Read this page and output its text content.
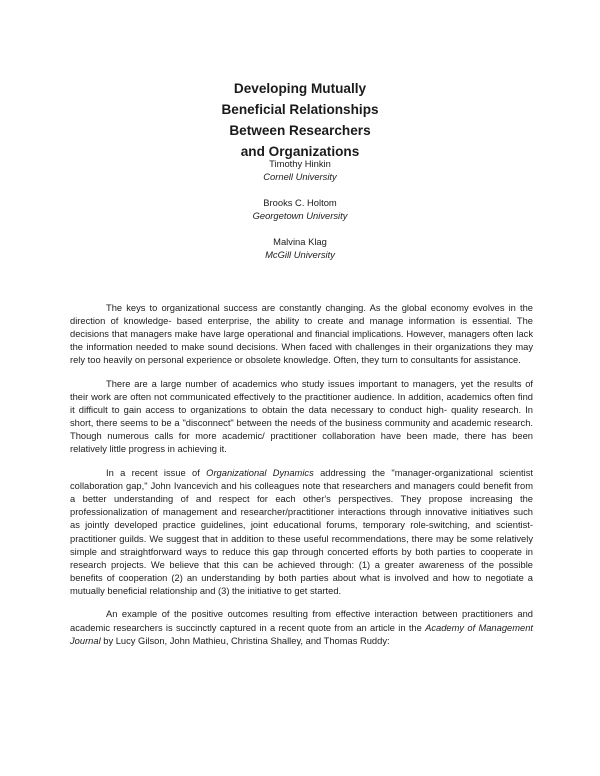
Developing Mutually
Beneficial Relationships
Between Researchers
and Organizations
Timothy Hinkin
Cornell University
Brooks C. Holtom
Georgetown University
Malvina Klag
McGill University

The keys to organizational success are constantly changing. As the global economy evolves in the direction of knowledge- based enterprise, the ability to create and manage information is essential. The decisions that managers make have large operational and financial implications. However, managers often lack the information needed to make sound decisions. When faced with challenges in their organizations they may rely too heavily on personal experience or obsolete knowledge. Often, they turn to consultants for assistance.

There are a large number of academics who study issues important to managers, yet the results of their work are often not communicated effectively to the practitioner audience. In addition, academics often find it difficult to gain access to organizations to obtain the data necessary to conduct high- quality research. In short, there seems to be a "disconnect" between the needs of the business community and academic research. Though numerous calls for more academic/ practitioner collaboration have been made, there has been relatively little progress in achieving it.

In a recent issue of Organizational Dynamics addressing the "manager-organizational scientist collaboration gap," John Ivancevich and his colleagues note that researchers and managers could benefit from a better understanding of and respect for each other's perspectives. They propose increasing the professionalization of management and researcher/practitioner interactions through innovative initiatives such as jointly developed practice guidelines, joint educational forums, temporary role-switching, and scientist-practitioner guilds. We suggest that in addition to these useful recommendations, there may be some relatively simple and straightforward ways to reduce this gap through concerted efforts by both parties to cooperate in research projects. We believe that this can be achieved through: (1) a greater awareness of the possible benefits of cooperation (2) an understanding by both parties about what is involved and how to negotiate a mutually beneficial relationship and (3) the initiative to get started.

An example of the positive outcomes resulting from effective interaction between practitioners and academic researchers is succinctly captured in a recent quote from an article in the Academy of Management Journal by Lucy Gilson, John Mathieu, Christina Shalley, and Thomas Ruddy:
